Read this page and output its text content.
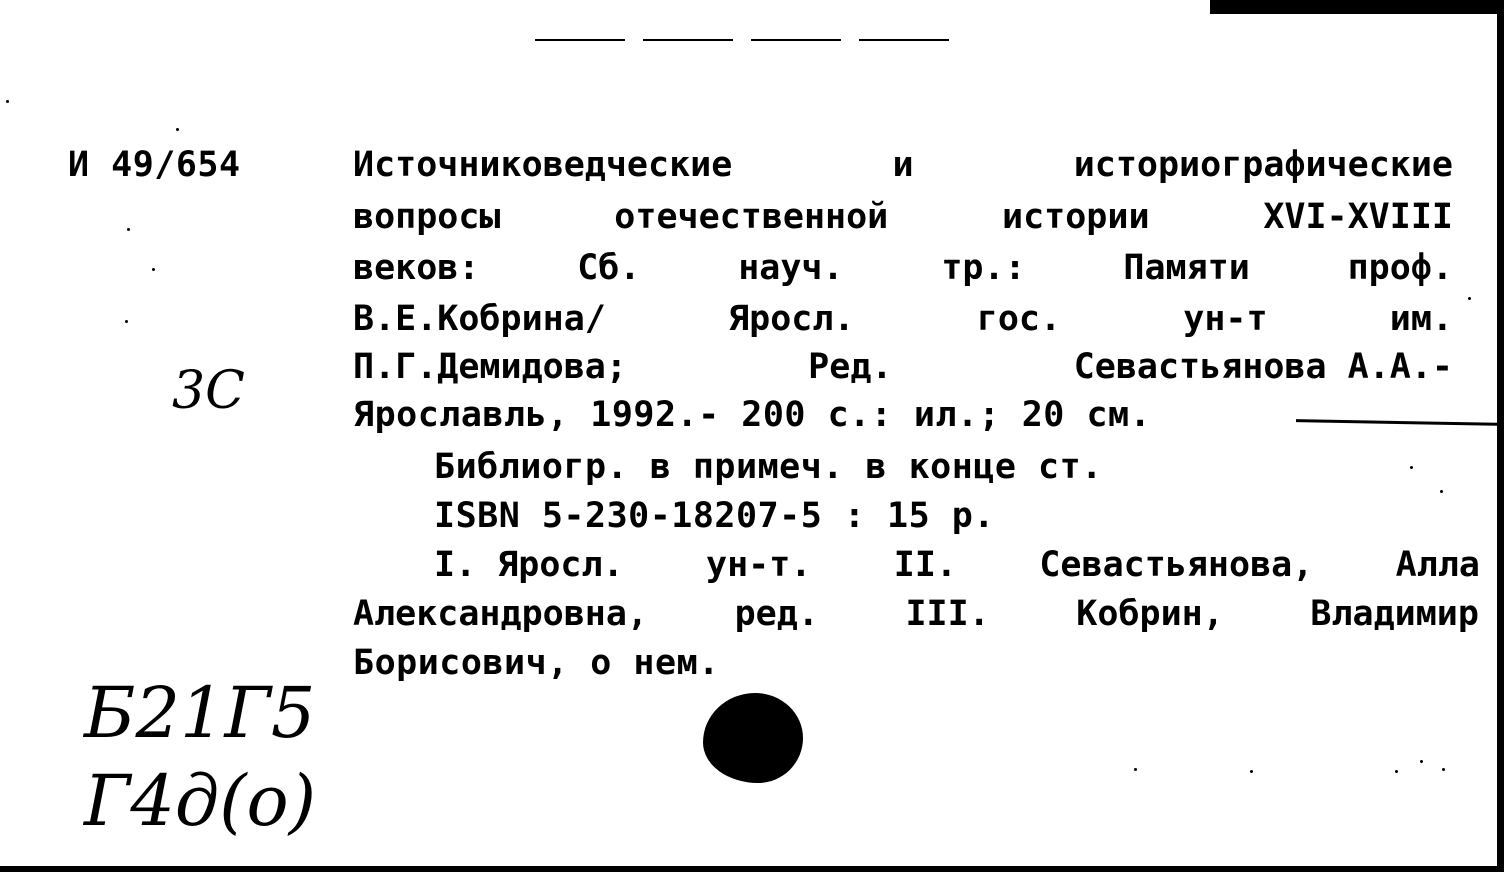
И 49/654	Источниковедческие	и	историографические
вопросы	отечественной	истории	XVI-XVIII
веков:	Сб.	науч.	тр.:	Памяти	проф.
В.Е.Кобрина/	Яросл.	гос.	ун-т	им.
П.Г.Демидова;	Ред.	Севастьянова А.А.-
Ярославль, 1992.- 200 с.: ил.; 20 см.
Библиогр. в примеч. в конце ст.
ISBN 5-230-18207-5 : 15 р.
I. Яросл. ун-т. II. Севастьянова, Алла
Александровна, ред. III. Кобрин, Владимир
Борисович, о нем.
3С
Б21Г5
Г4д(о)
